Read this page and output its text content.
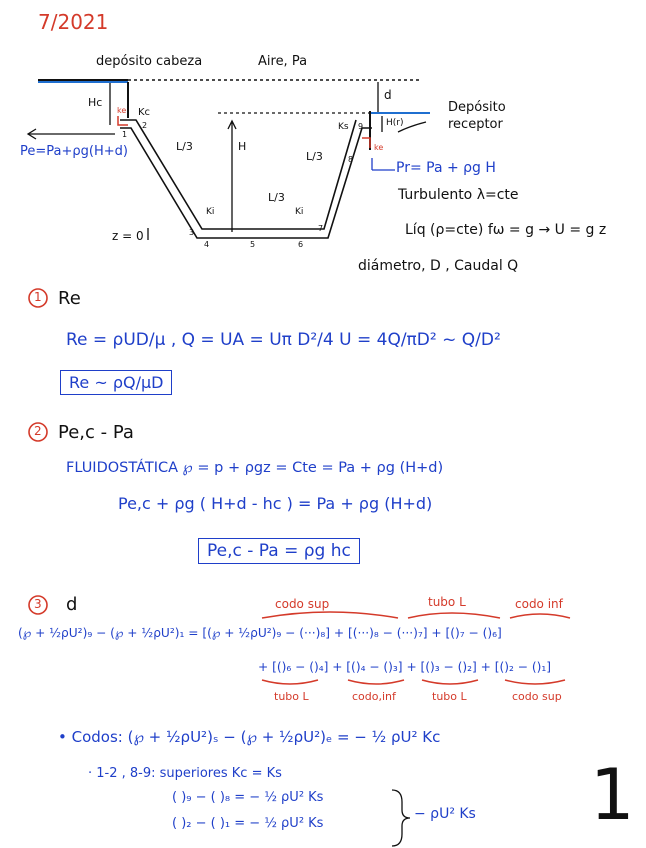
7/2021
depósito cabeza	Aire, Pa
Hc
ke Kc
1
2
L/3	H
L/3
L/3
Ki	Ki
3
4	5	6
7
8
9
Ks
d
H(r)
ke
Depósito
receptor
Pe=Pa+ρg(H+d)
Pr= Pa + ρg H
Turbulento λ=cte
Líq (ρ=cte) fω = g → U = g z
z = 0
diámetro, D , Caudal Q
1 Re
Re = ρUD/μ , Q = UA = Uπ D²/4 U = 4Q/πD² ~ Q/D²
Re ~ ρQ/μD
2 Pe,c - Pa
FLUIDOSTÁTICA ℘ = p + ρgz = Cte = Pa + ρg (H+d)
Pe,c + ρg ( H+d - hc ) = Pa + ρg (H+d)
Pe,c - Pa = ρg hc
3 d	codo sup	tubo L	codo inf
(℘ + ½ρU²)₉ − (℘ + ½ρU²)₁ = [(℘ + ½ρU²)₉ − (···)₈] + [(···)₈ − (···)₇] + [()₇ − ()₆]
+ [()₆ − ()₄] + [()₄ − ()₃] + [()₃ − ()₂] + [()₂ − ()₁]
tubo L	codo,inf	tubo L	codo sup
• Codos: (℘ + ½ρU²)ₛ − (℘ + ½ρU²)ₑ = − ½ ρU² Kc
· 1-2 , 8-9: superiores Kc = Ks
( )₉ − ( )₈ = − ½ ρU² Ks
( )₂ − ( )₁ = − ½ ρU² Ks
− ρU² Ks 1
